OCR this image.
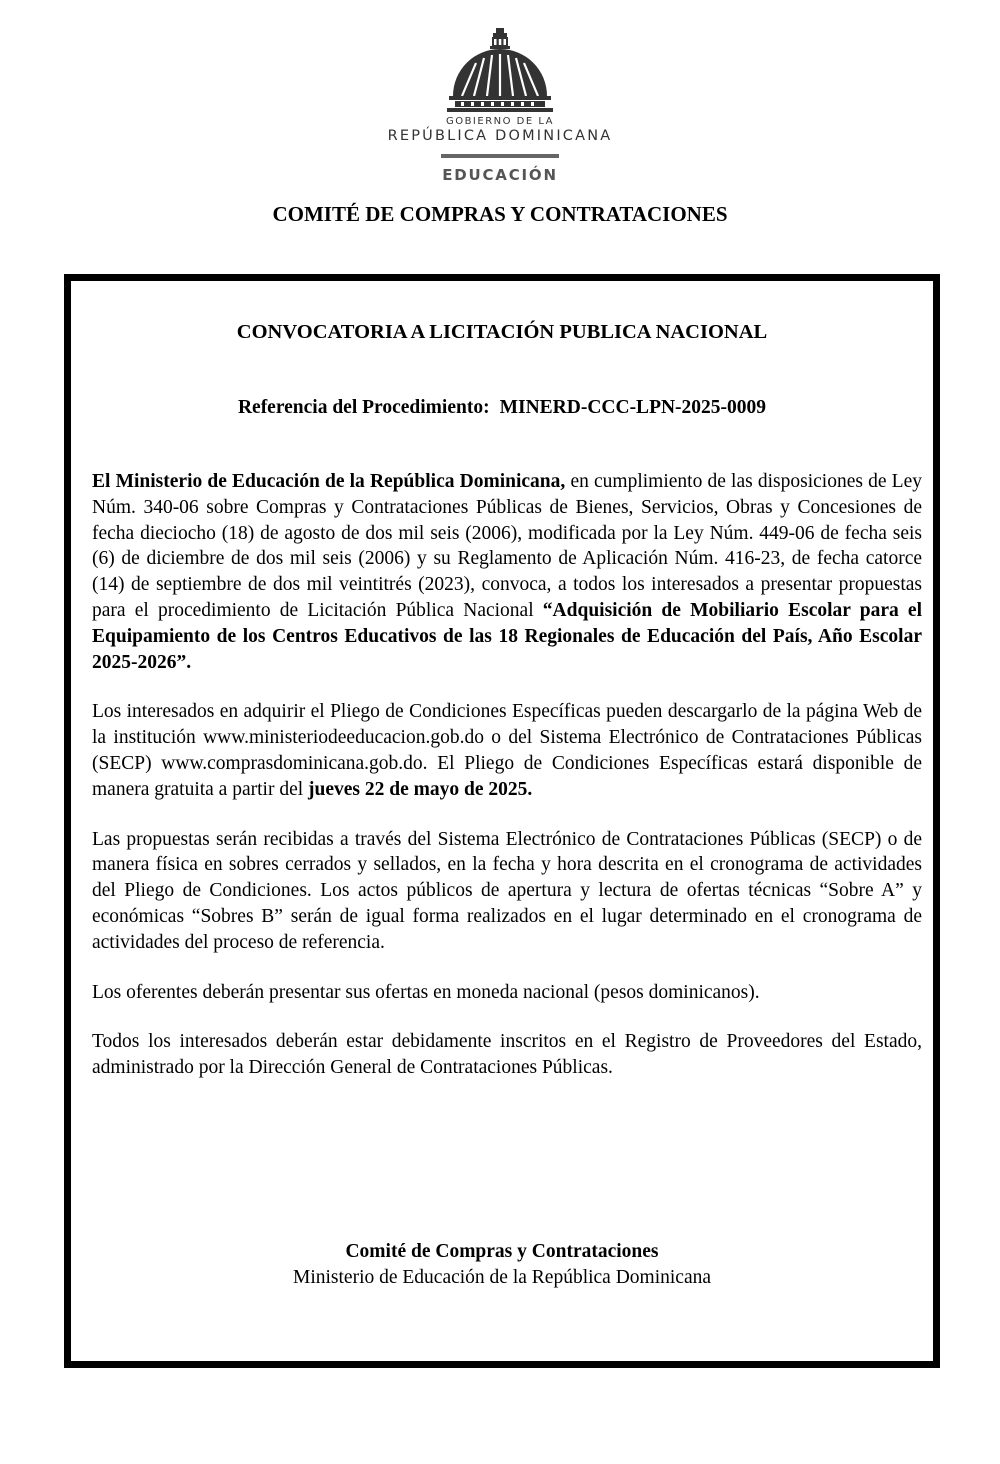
GOBIERNO DE LA
REPÚBLICA DOMINICANA
EDUCACIÓN
COMITÉ DE COMPRAS Y CONTRATACIONES
CONVOCATORIA A LICITACIÓN PUBLICA NACIONAL
Referencia del Procedimiento: MINERD-CCC-LPN-2025-0009

El Ministerio de Educación de la República Dominicana, en cumplimiento de las disposiciones de Ley Núm. 340-06 sobre Compras y Contrataciones Públicas de Bienes, Servicios, Obras y Concesiones de fecha dieciocho (18) de agosto de dos mil seis (2006), modificada por la Ley Núm. 449-06 de fecha seis (6) de diciembre de dos mil seis (2006) y su Reglamento de Aplicación Núm. 416-23, de fecha catorce (14) de septiembre de dos mil veintitrés (2023), convoca, a todos los interesados a presentar propuestas para el procedimiento de Licitación Pública Nacional “Adquisición de Mobiliario Escolar para el Equipamiento de los Centros Educativos de las 18 Regionales de Educación del País, Año Escolar 2025-2026”.

Los interesados en adquirir el Pliego de Condiciones Específicas pueden descargarlo de la página Web de la institución www.ministeriodeeducacion.gob.do o del Sistema Electrónico de Contrataciones Públicas (SECP) www.comprasdominicana.gob.do. El Pliego de Condiciones Específicas estará disponible de manera gratuita a partir del jueves 22 de mayo de 2025.

Las propuestas serán recibidas a través del Sistema Electrónico de Contrataciones Públicas (SECP) o de manera física en sobres cerrados y sellados, en la fecha y hora descrita en el cronograma de actividades del Pliego de Condiciones. Los actos públicos de apertura y lectura de ofertas técnicas “Sobre A” y económicas “Sobres B” serán de igual forma realizados en el lugar determinado en el cronograma de actividades del proceso de referencia.

Los oferentes deberán presentar sus ofertas en moneda nacional (pesos dominicanos).

Todos los interesados deberán estar debidamente inscritos en el Registro de Proveedores del Estado, administrado por la Dirección General de Contrataciones Públicas.

Comité de Compras y Contrataciones
Ministerio de Educación de la República Dominicana
